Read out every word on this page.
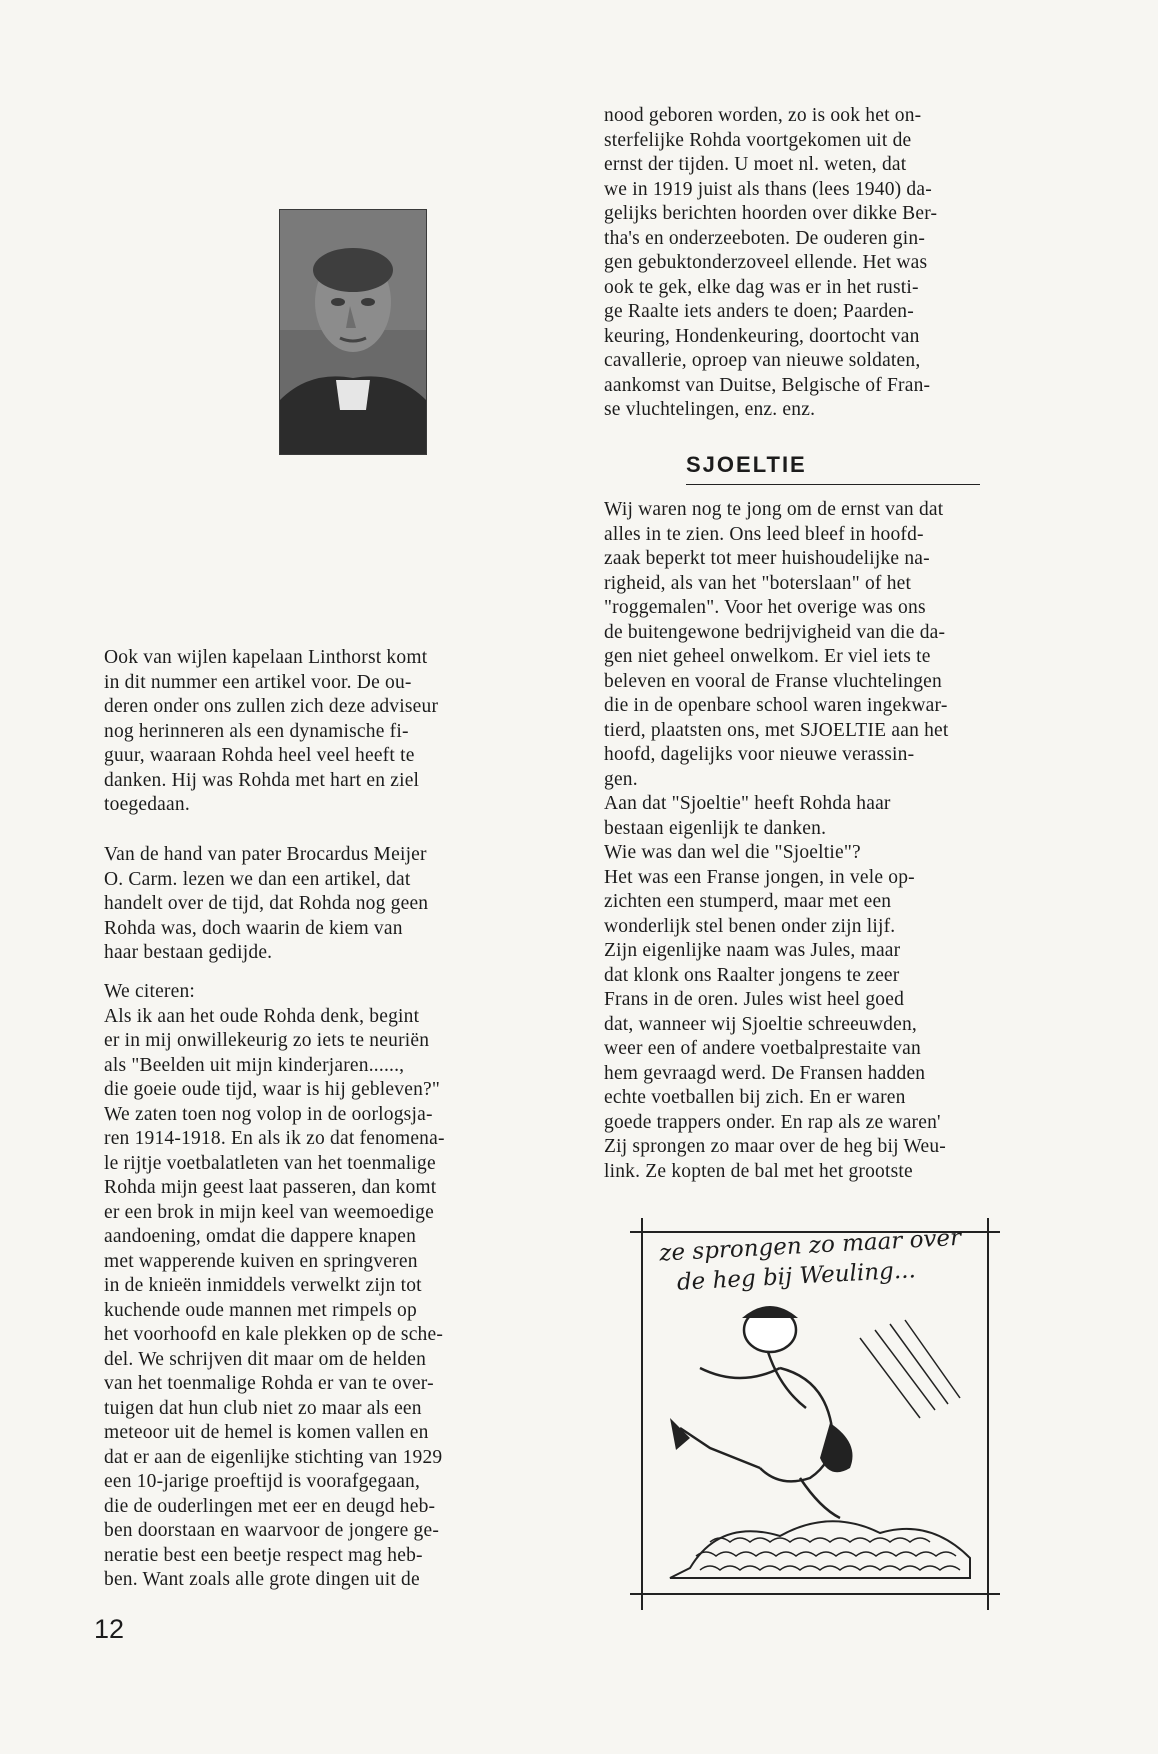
Ook van wijlen kapelaan Linthorst komt
in dit nummer een artikel voor. De ou-
deren onder ons zullen zich deze adviseur
nog herinneren als een dynamische fi-
guur, waaraan Rohda heel veel heeft te
danken. Hij was Rohda met hart en ziel
toegedaan.

Van de hand van pater Brocardus Meijer
O. Carm. lezen we dan een artikel, dat
handelt over de tijd, dat Rohda nog geen
Rohda was, doch waarin de kiem van
haar bestaan gedijde.

We citeren:
Als ik aan het oude Rohda denk, begint
er in mij onwillekeurig zo iets te neuriën
als "Beelden uit mijn kinderjaren......,
die goeie oude tijd, waar is hij gebleven?"
We zaten toen nog volop in de oorlogsja-
ren 1914-1918. En als ik zo dat fenomena-
le rijtje voetbalatleten van het toenmalige
Rohda mijn geest laat passeren, dan komt
er een brok in mijn keel van weemoedige
aandoening, omdat die dappere knapen
met wapperende kuiven en springveren
in de knieën inmiddels verwelkt zijn tot
kuchende oude mannen met rimpels op
het voorhoofd en kale plekken op de sche-
del. We schrijven dit maar om de helden
van het toenmalige Rohda er van te over-
tuigen dat hun club niet zo maar als een
meteoor uit de hemel is komen vallen en
dat er aan de eigenlijke stichting van 1929
een 10-jarige proeftijd is voorafgegaan,
die de ouderlingen met eer en deugd heb-
ben doorstaan en waarvoor de jongere ge-
neratie best een beetje respect mag heb-
ben. Want zoals alle grote dingen uit de

nood geboren worden, zo is ook het on-
sterfelijke Rohda voortgekomen uit de
ernst der tijden. U moet nl. weten, dat
we in 1919 juist als thans (lees 1940) da-
gelijks berichten hoorden over dikke Ber-
tha's en onderzeeboten. De ouderen gin-
gen gebuktonderzoveel ellende. Het was
ook te gek, elke dag was er in het rusti-
ge Raalte iets anders te doen; Paarden-
keuring, Hondenkeuring, doortocht van
cavallerie, oproep van nieuwe soldaten,
aankomst van Duitse, Belgische of Fran-
se vluchtelingen, enz. enz.

Wij waren nog te jong om de ernst van dat
alles in te zien. Ons leed bleef in hoofd-
zaak beperkt tot meer huishoudelijke na-
righeid, als van het "boterslaan" of het
"roggemalen". Voor het overige was ons
de buitengewone bedrijvigheid van die da-
gen niet geheel onwelkom. Er viel iets te
beleven en vooral de Franse vluchtelingen
die in de openbare school waren ingekwar-
tierd, plaatsten ons, met SJOELTIE aan het
hoofd, dagelijks voor nieuwe verassin-
gen.
Aan dat "Sjoeltie" heeft Rohda haar
bestaan eigenlijk te danken.
Wie was dan wel die "Sjoeltie"?
Het was een Franse jongen, in vele op-
zichten een stumperd, maar met een
wonderlijk stel benen onder zijn lijf.
Zijn eigenlijke naam was Jules, maar
dat klonk ons Raalter jongens te zeer
Frans in de oren. Jules wist heel goed
dat, wanneer wij Sjoeltie schreeuwden,
weer een of andere voetbalprestaite van
hem gevraagd werd. De Fransen hadden
echte voetballen bij zich. En er waren
goede trappers onder. En rap als ze waren'
Zij sprongen zo maar over de heg bij Weu-
link. Ze kopten de bal met het grootste

SJOELTIE
ze sprongen zo maar over
de heg bij Weuling...
12
